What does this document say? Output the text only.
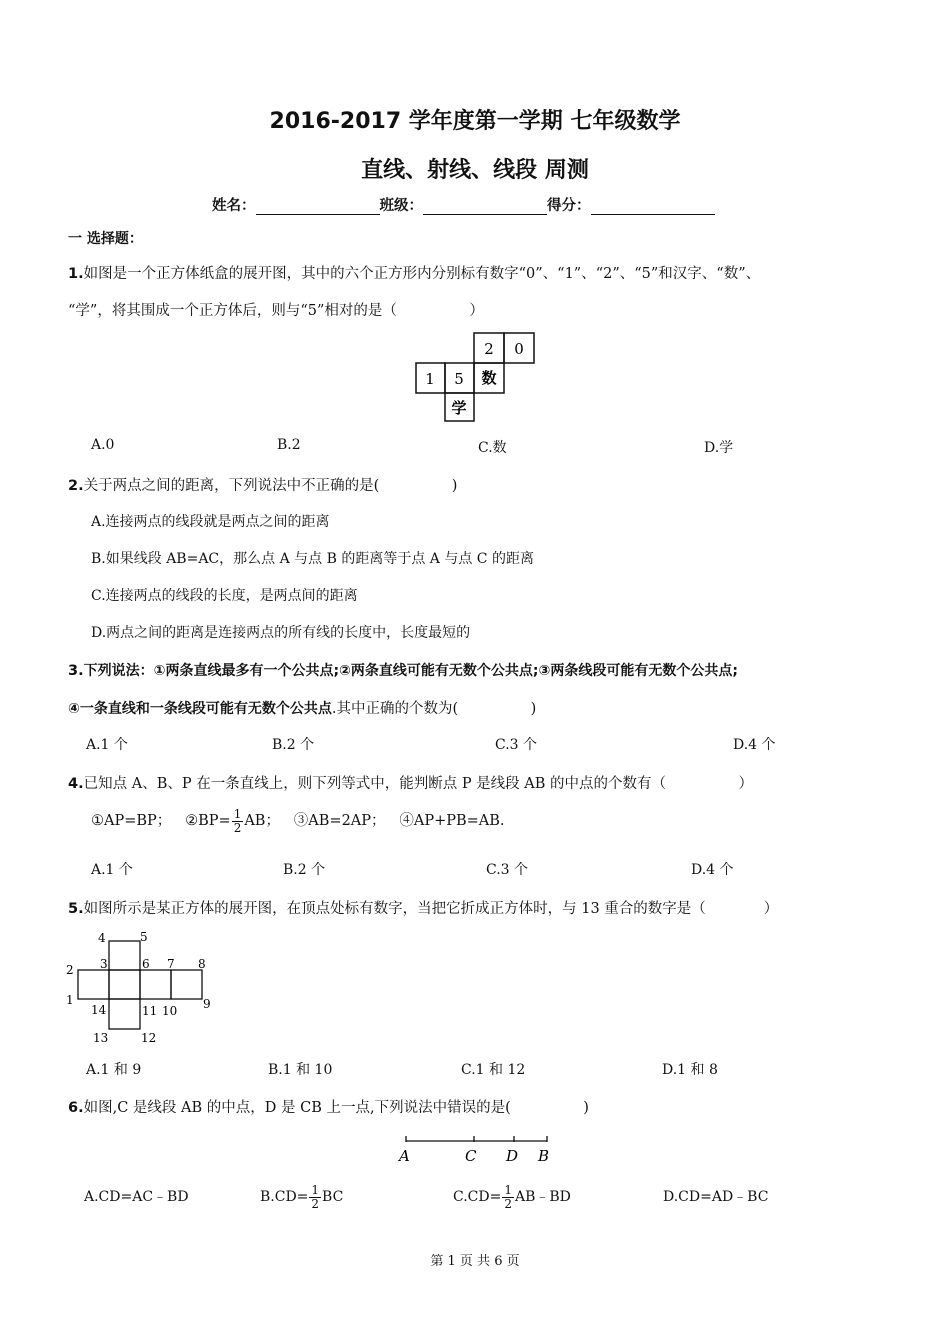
2016-2017 学年度第一学期 七年级数学
直线、射线、线段 周测
姓名：	班级：	得分：
一 选择题：
1.如图是一个正方体纸盒的展开图，其中的六个正方形内分别标有数字“0”、“1”、“2”、“5”和汉字、“数”、
“学”，将其围成一个正方体后，则与“5”相对的是（　　　　　）
2 0
1 5 数
学
A.0	B.2	C.数	D.学
2.关于两点之间的距离，下列说法中不正确的是(　　　　　)
A.连接两点的线段就是两点之间的距离
B.如果线段 AB=AC，那么点 A 与点 B 的距离等于点 A 与点 C 的距离
C.连接两点的线段的长度，是两点间的距离
D.两点之间的距离是连接两点的所有线的长度中，长度最短的
3.下列说法：①两条直线最多有一个公共点;②两条直线可能有无数个公共点;③两条线段可能有无数个公共点;
④一条直线和一条线段可能有无数个公共点.其中正确的个数为(　　　　　)
A.1 个	B.2 个	C.3 个	D.4 个
4.已知点 A、B、P 在一条直线上，则下列等式中，能判断点 P 是线段 AB 的中点的个数有（　　　　　）
①AP=BP； ②BP= $\frac{1}{2}$ AB； ③AB=2AP； ④AP+PB=AB.
A.1 个	B.2 个	C.3 个	D.4 个
5.如图所示是某正方体的展开图，在顶点处标有数字，当把它折成正方体时，与 13 重合的数字是（　　　　）
4	5
2 3	6 7 8
1	9
14	11 10
13	12
A.1 和 9	B.1 和 10	C.1 和 12	D.1 和 8
6.如图,C 是线段 AB 的中点，D 是 CB 上一点,下列说法中错误的是(　　　　　)
A	C D B
A.CD=AC﹣BD	$B.CD= \frac{1}{2}$ BC	$C.CD= \frac{1}{2}$ AB﹣BD	D.CD=AD﹣BC
第 1 页 共 6 页
